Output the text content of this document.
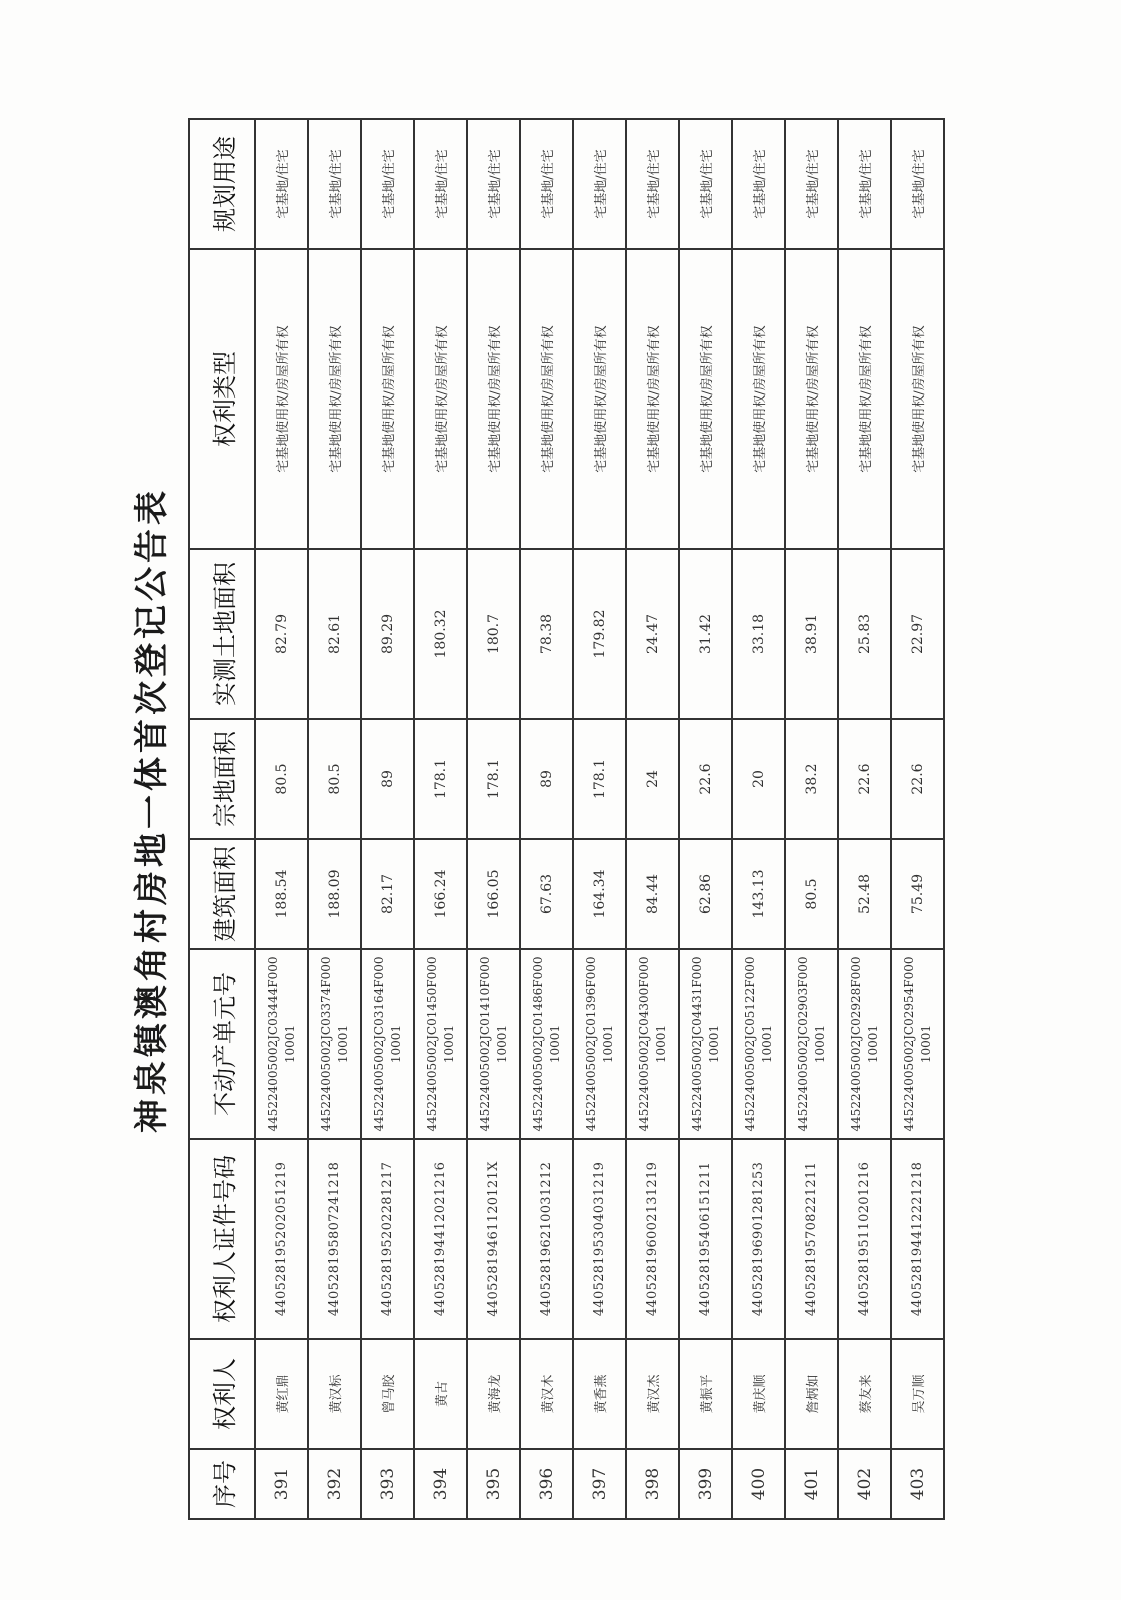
神泉镇澳角村房地一体首次登记公告表
序号	权利人	权利人证件号码	不动产单元号	建筑面积	宗地面积	实测土地面积	权利类型	规划用途
391	黄红鼎	440528195202051219	445224005002JC03444F00010001	188.54	80.5	82.79	宅基地使用权/房屋所有权	宅基地/住宅
392	黄汉标	440528195807241218	445224005002JC03374F00010001	188.09	80.5	82.61	宅基地使用权/房屋所有权	宅基地/住宅
393	曾马胶	440528195202281217	445224005002JC03164F00010001	82.17	89	89.29	宅基地使用权/房屋所有权	宅基地/住宅
394	黄古	440528194412021216	445224005002JC01450F00010001	166.24	178.1	180.32	宅基地使用权/房屋所有权	宅基地/住宅
395	黄海龙	44052819461120121X	445224005002JC01410F00010001	166.05	178.1	180.7	宅基地使用权/房屋所有权	宅基地/住宅
396	黄汉木	440528196210031212	445224005002JC01486F00010001	67.63	89	78.38	宅基地使用权/房屋所有权	宅基地/住宅
397	黄香燕	440528195304031219	445224005002JC01396F00010001	164.34	178.1	179.82	宅基地使用权/房屋所有权	宅基地/住宅
398	黄汉杰	440528196002131219	445224005002JC04300F00010001	84.44	24	24.47	宅基地使用权/房屋所有权	宅基地/住宅
399	黄振平	440528195406151211	445224005002JC04431F00010001	62.86	22.6	31.42	宅基地使用权/房屋所有权	宅基地/住宅
400	黄庆顺	440528196901281253	445224005002JC05122F00010001	143.13	20	33.18	宅基地使用权/房屋所有权	宅基地/住宅
401	詹炳如	440528195708221211	445224005002JC02903F00010001	80.5	38.2	38.91	宅基地使用权/房屋所有权	宅基地/住宅
402	蔡友来	440528195110201216	445224005002JC02928F00010001	52.48	22.6	25.83	宅基地使用权/房屋所有权	宅基地/住宅
403	吴万顺	440528194412221218	445224005002JC02954F00010001	75.49	22.6	22.97	宅基地使用权/房屋所有权	宅基地/住宅
